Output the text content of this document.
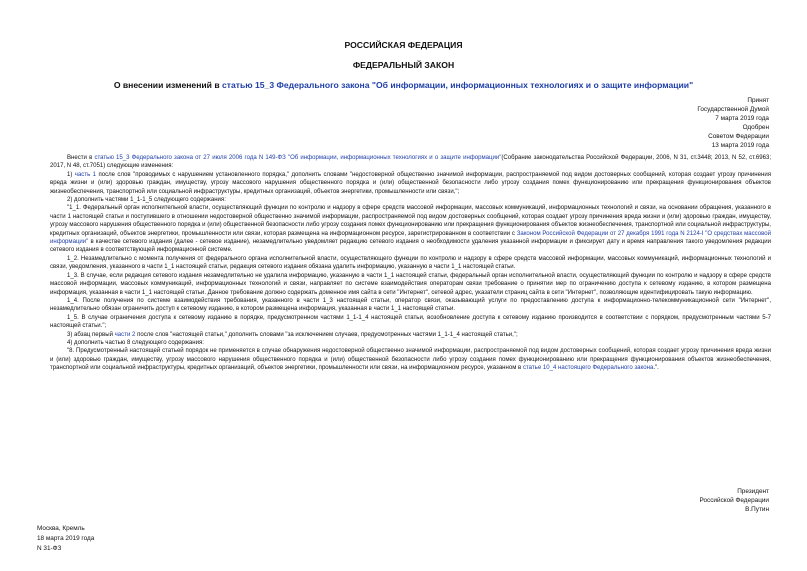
РОССИЙСКАЯ ФЕДЕРАЦИЯ
ФЕДЕРАЛЬНЫЙ ЗАКОН
О внесении изменений в статью 15_3 Федерального закона "Об информации, информационных технологиях и о защите информации"
Принят
Государственной Думой
7 марта 2019 года
Одобрен
Советом Федерации
13 марта 2019 года

Внести в статью 15_3 Федерального закона от 27 июля 2006 года N 149-ФЗ "Об информации, информационных технологиях и о защите информации"(Собрание законодательства Российской Федерации, 2006, N 31, ст.3448; 2013, N 52, ст.6963; 2017, N 48, ст.7051) следующие изменения:

1) часть 1 после слов "проводимых с нарушением установленного порядка," дополнить словами "недостоверной общественно значимой информации, распространяемой под видом достоверных сообщений, которая создает угрозу причинения вреда жизни и (или) здоровью граждан, имуществу, угрозу массового нарушения общественного порядка и (или) общественной безопасности либо угрозу создания помех функционированию или прекращения функционирования объектов жизнеобеспечения, транспортной или социальной инфраструктуры, кредитных организаций, объектов энергетики, промышленности или связи,";

2) дополнить частями 1_1-1_5 следующего содержания:

"1_1. Федеральный орган исполнительной власти, осуществляющий функции по контролю и надзору в сфере средств массовой информации, массовых коммуникаций, информационных технологий и связи, на основании обращения, указанного в части 1 настоящей статьи и поступившего в отношении недостоверной общественно значимой информации, распространяемой под видом достоверных сообщений, которая создает угрозу причинения вреда жизни и (или) здоровью граждан, имуществу, угрозу массового нарушения общественного порядка и (или) общественной безопасности либо угрозу создания помех функционированию или прекращения функционирования объектов жизнеобеспечения, транспортной или социальной инфраструктуры, кредитных организаций, объектов энергетики, промышленности или связи, которая размещена на информационном ресурсе, зарегистрированном в соответствии с Законом Российской Федерации от 27 декабря 1991 года N 2124-I "О средствах массовой информации" в качестве сетевого издания (далее - сетевое издание), незамедлительно уведомляет редакцию сетевого издания о необходимости удаления указанной информации и фиксирует дату и время направления такого уведомления редакции сетевого издания в соответствующей информационной системе.

1_2. Незамедлительно с момента получения от федерального органа исполнительной власти, осуществляющего функции по контролю и надзору в сфере средств массовой информации, массовых коммуникаций, информационных технологий и связи, уведомления, указанного в части 1_1 настоящей статьи, редакция сетевого издания обязана удалить информацию, указанную в части 1_1 настоящей статьи.

1_3. В случае, если редакция сетевого издания незамедлительно не удалила информацию, указанную в части 1_1 настоящей статьи, федеральный орган исполнительной власти, осуществляющий функции по контролю и надзору в сфере средств массовой информации, массовых коммуникаций, информационных технологий и связи, направляет по системе взаимодействия операторам связи требование о принятии мер по ограничению доступа к сетевому изданию, в котором размещена информация, указанная в части 1_1 настоящей статьи. Данное требование должно содержать доменное имя сайта в сети "Интернет", сетевой адрес, указатели страниц сайта в сети "Интернет", позволяющие идентифицировать такую информацию.

1_4. После получения по системе взаимодействия требования, указанного в части 1_3 настоящей статьи, оператор связи, оказывающий услуги по предоставлению доступа к информационно-телекоммуникационной сети "Интернет", незамедлительно обязан ограничить доступ к сетевому изданию, в котором размещена информация, указанная в части 1_1 настоящей статьи.

1_5. В случае ограничения доступа к сетевому изданию в порядке, предусмотренном частями 1_1-1_4 настоящей статьи, возобновление доступа к сетевому изданию производится в соответствии с порядком, предусмотренным частями 5-7 настоящей статьи.";

3) абзац первый части 2 после слов "настоящей статьи," дополнить словами "за исключением случаев, предусмотренных частями 1_1-1_4 настоящей статьи,";

4) дополнить частью 8 следующего содержания:

"8. Предусмотренный настоящей статьей порядок не применяется в случае обнаружения недостоверной общественно значимой информации, распространяемой под видом достоверных сообщений, которая создает угрозу причинения вреда жизни и (или) здоровью граждан, имуществу, угрозу массового нарушения общественного порядка и (или) общественной безопасности либо угрозу создания помех функционированию или прекращения функционирования объектов жизнеобеспечения, транспортной или социальной инфраструктуры, кредитных организаций, объектов энергетики, промышленности или связи, на информационном ресурсе, указанном в статье 10_4 настоящего Федерального закона.".

Президент
Российской Федерации
В.Путин
Москва, Кремль
18 марта 2019 года
N 31-ФЗ
